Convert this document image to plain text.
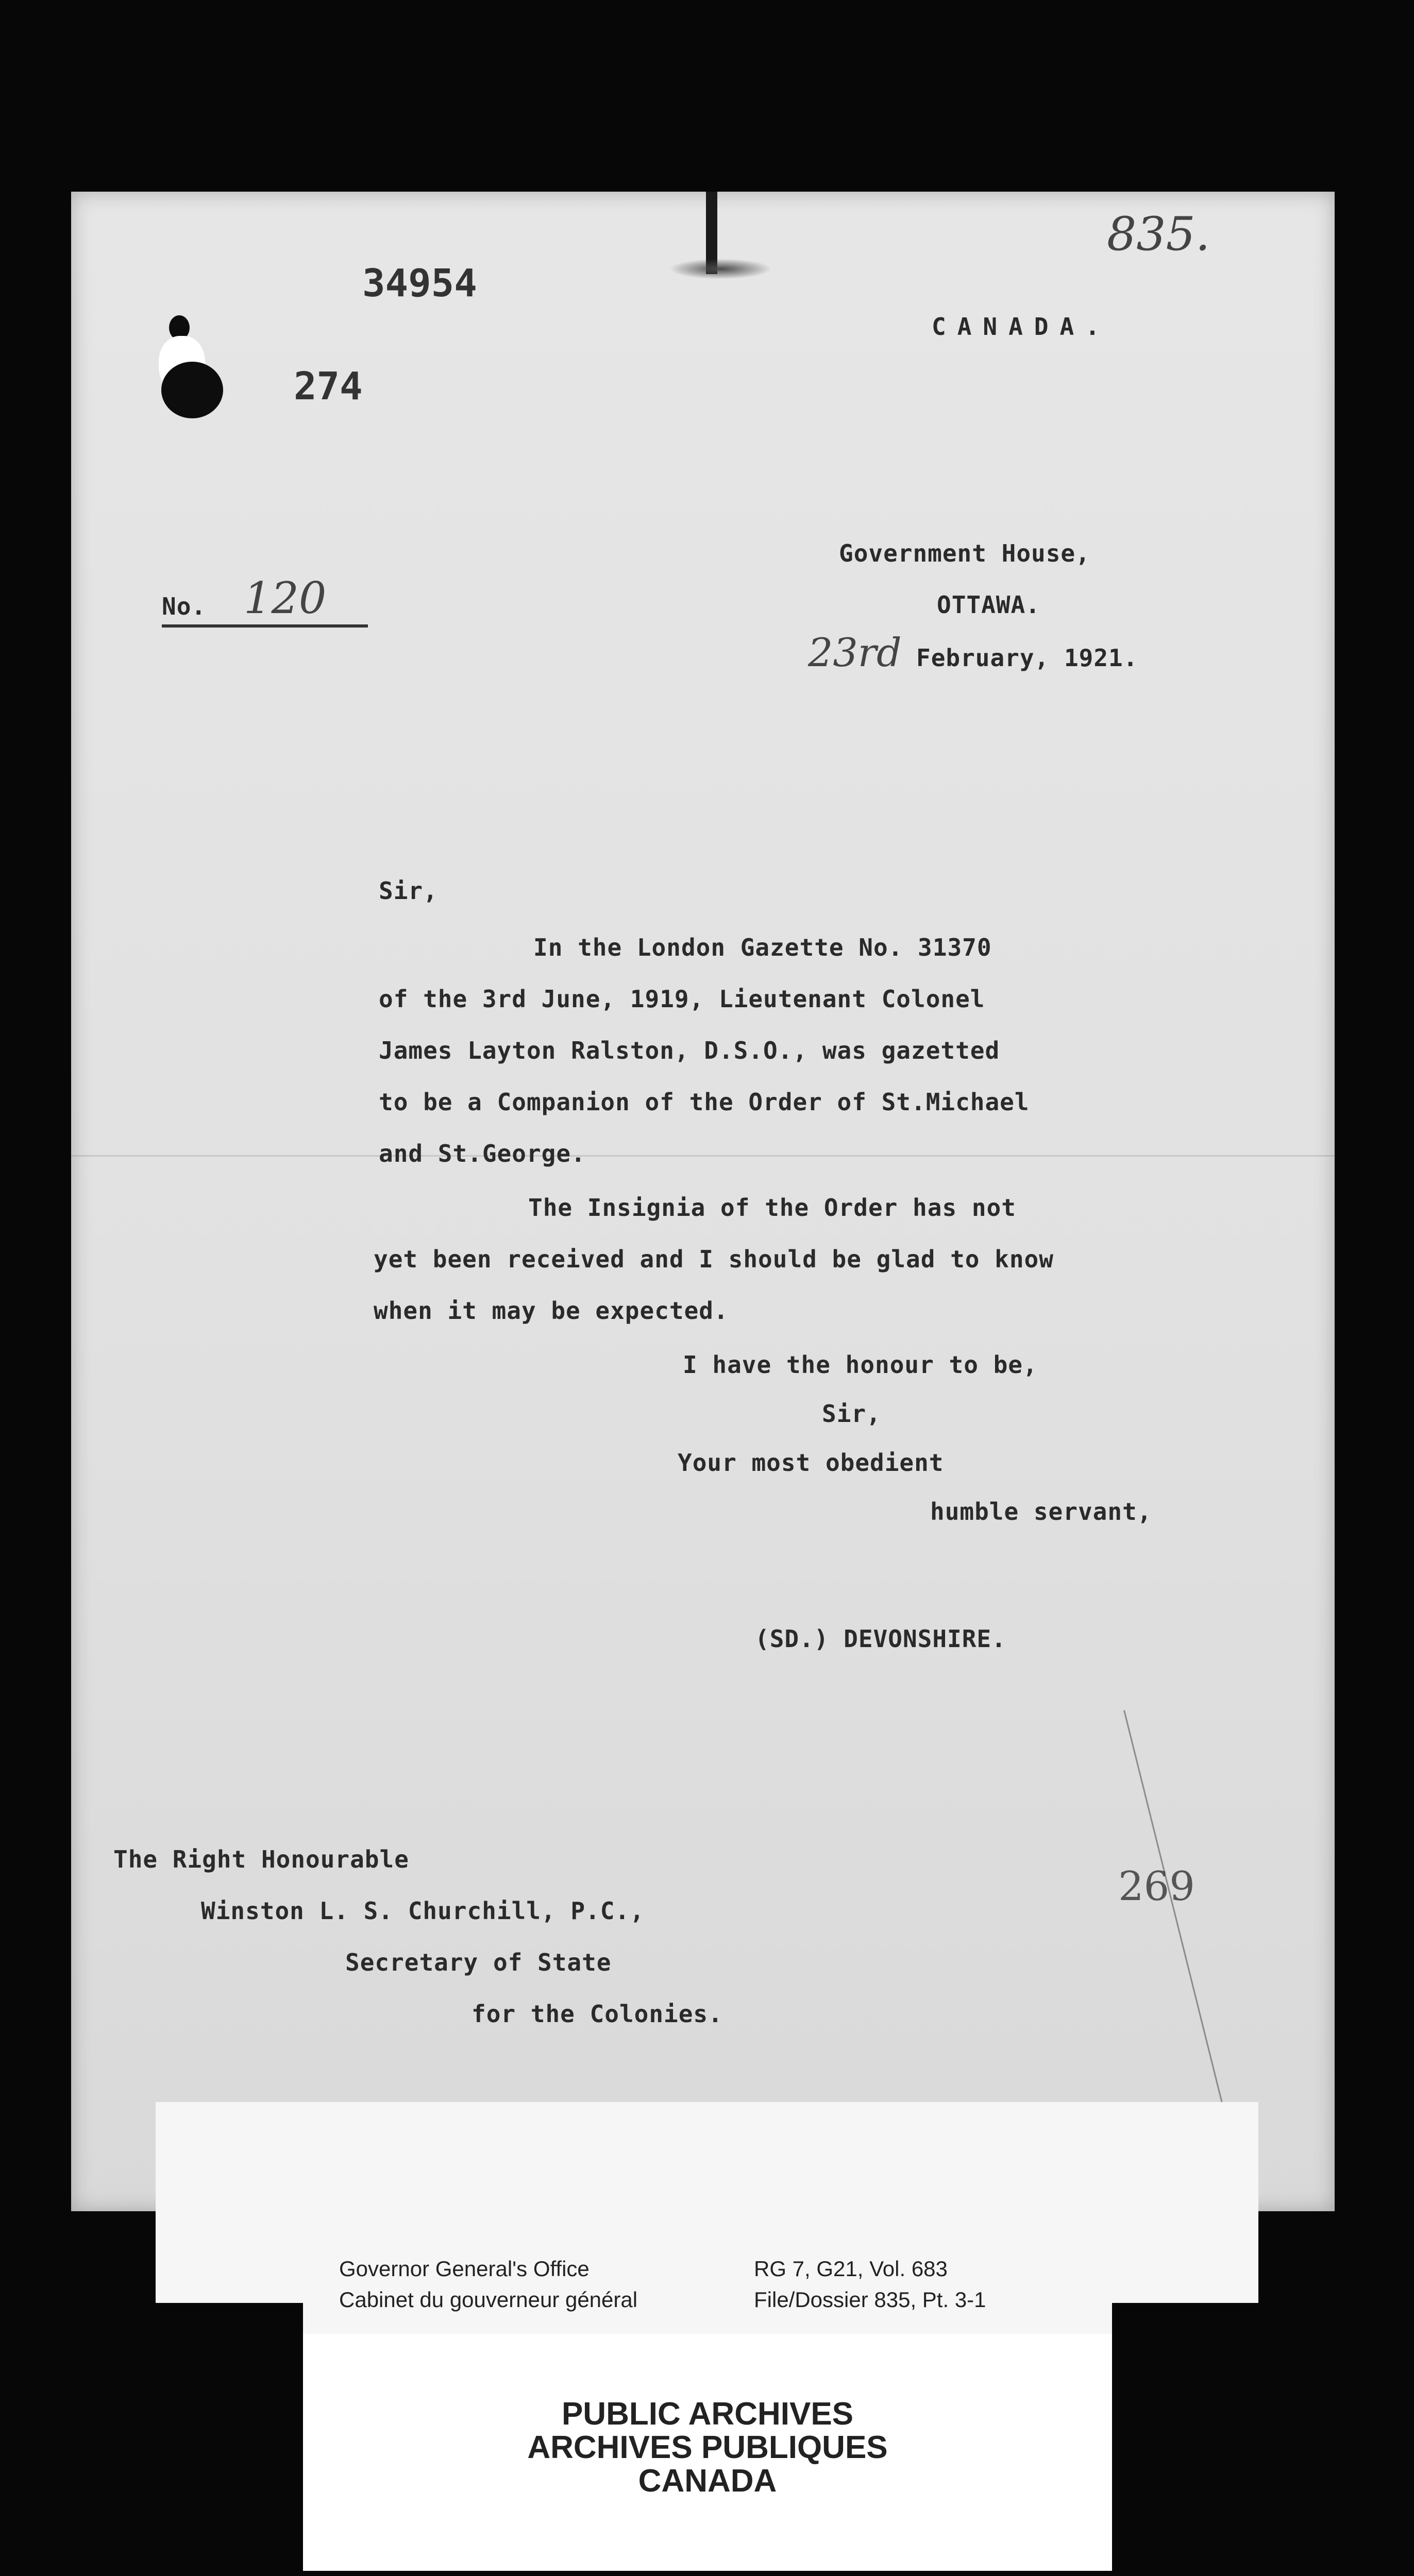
34954
274
835.
CANADA.
Government House,
OTTAWA.
23rd February, 1921.
No. 120
Sir,
In the London Gazette No. 31370
of the 3rd June, 1919, Lieutenant Colonel
James Layton Ralston, D.S.O., was gazetted
to be a Companion of the Order of St.Michael
and St.George.
The Insignia of the Order has not
yet been received and I should be glad to know
when it may be expected.
I have the honour to be,
Sir,
Your most obedient
humble servant,
(SD.) DEVONSHIRE.
The Right Honourable
Winston L. S. Churchill, P.C.,
Secretary of State
for the Colonies.
269
Governor General's Office
Cabinet du gouverneur général
RG 7, G21, Vol. 683
File/Dossier 835, Pt. 3-1
PUBLIC ARCHIVES
ARCHIVES PUBLIQUES
CANADA
